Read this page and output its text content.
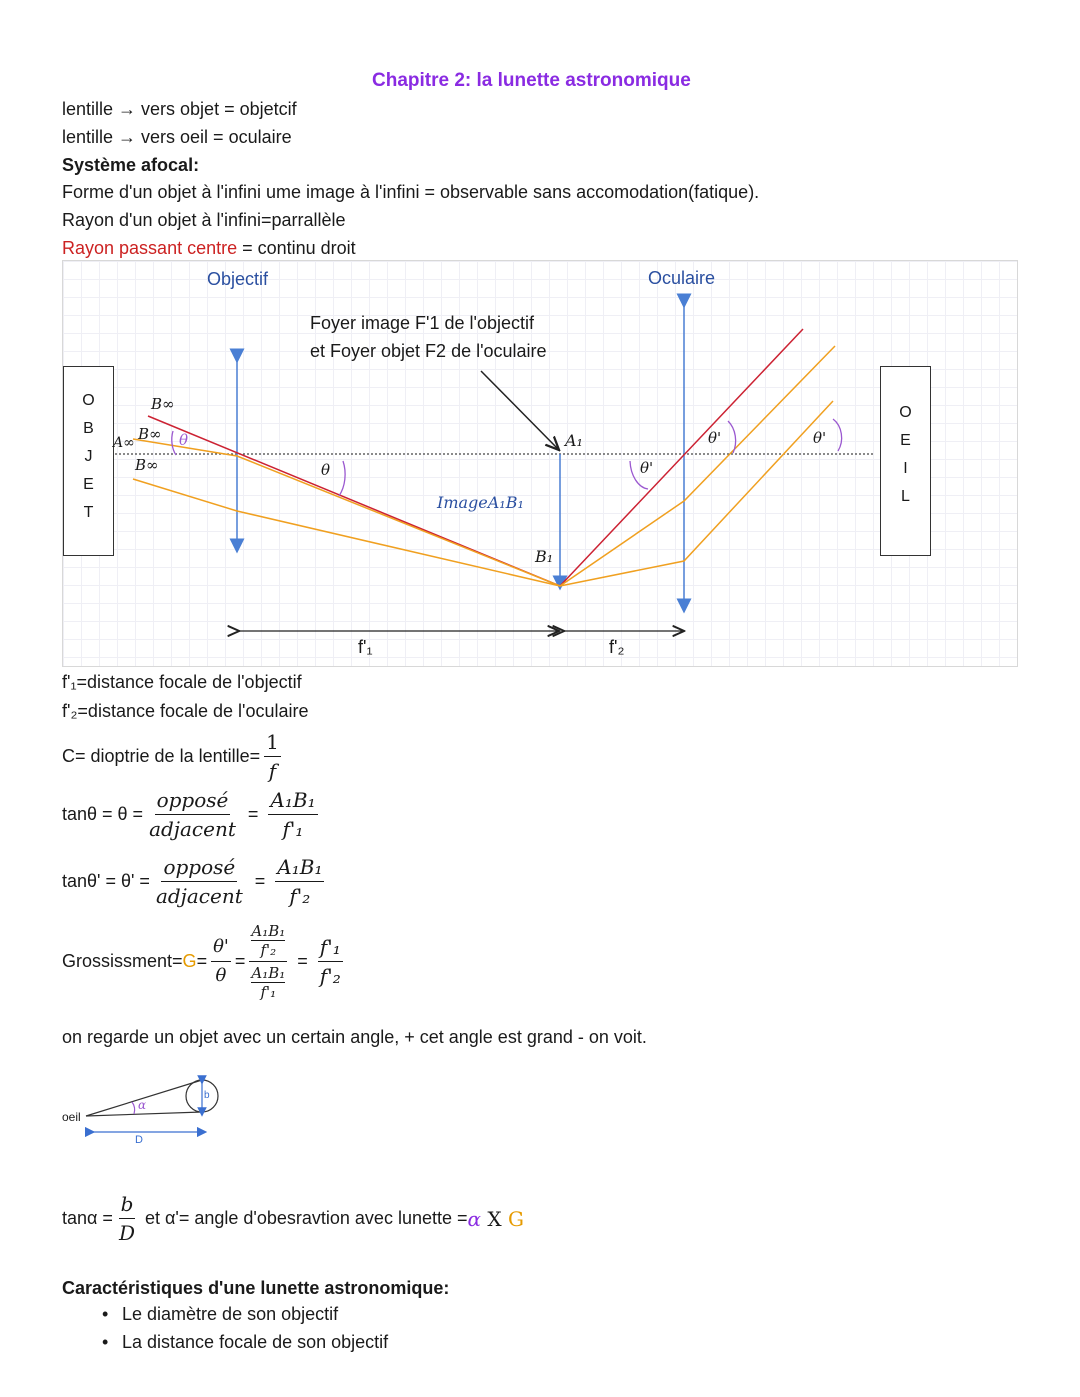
Chapitre 2: la lunette astronomique
lentille → vers objet = objetcif
lentille → vers oeil = oculaire
Système afocal:
Forme d'un objet à l'infini ume image à l'infini = observable sans accomodation(fatique).
Rayon d'un objet à l'infini=parrallèle
Rayon passant centre = continu droit
O
B
J
E
T
O
E
I
L
Objectif	Oculaire
Foyer image F'1 de l'objectif
et Foyer objet F2 de l'oculaire
B∞
B∞
A∞
B∞
θ
θ	θ'
θ'	θ'
A₁
B₁
ImageA₁B₁
f'₁	f'₂
f'₁=distance focale de l'objectif
f'₂=distance focale de l'oculaire
C= dioptrie de la lentille= $\frac{1}{f}$
$\tan\theta = \theta = \frac{\text{opposé}}{\text{adjacent}} = \frac{\text{A₁B₁}}{\text{f'₁}}$
$\tan\theta' = \theta' = \frac{\text{opposé}}{\text{adjacent}} = \frac{\text{A₁B₁}}{\text{f'₂}}$
Grossissment= $G = \frac{\theta'}{\theta} = A_1B_1$
f'₂
A₁B₁
$f'_1 = \frac{\text{f'₁}}{\text{f'₂}}$
on regarde un objet avec un certain angle, + cet angle est grand - on voit.
oeil
α
b
D
$\tan\alpha = \frac{b}{D}$ et α'= angle d'obesravtion avec lunette = α X G
Caractéristiques d'une lunette astronomique:
• Le diamètre de son objectif
• La distance focale de son objectif
